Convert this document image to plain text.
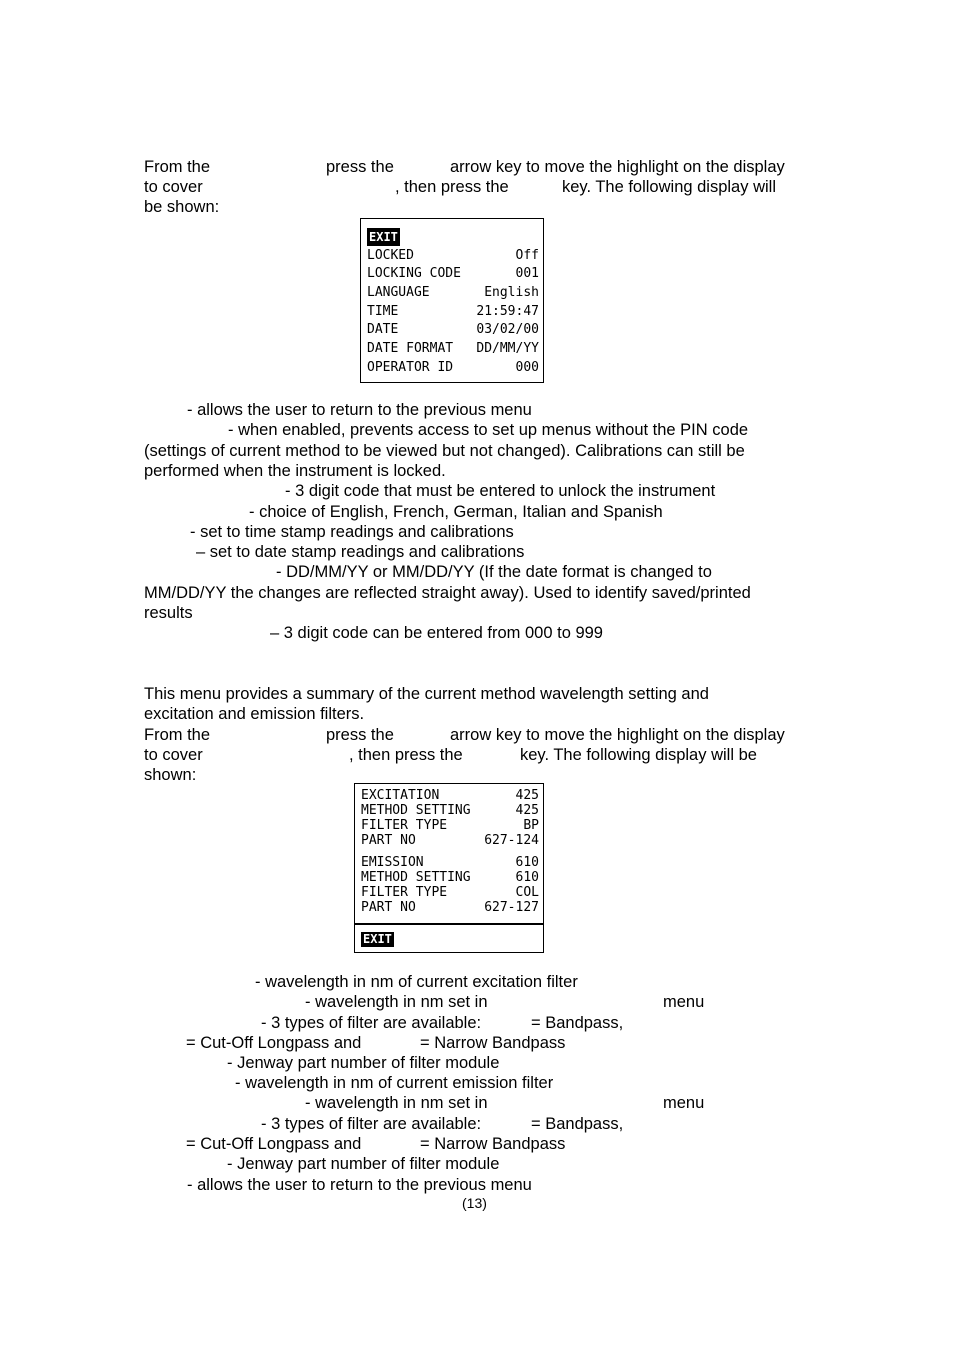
From the	press the	arrow key to move the highlight on the display
to cover	, then press the	key. The following display will
be shown:
EXIT
LOCKED	Off
LOCKING CODE	001
LANGUAGE	English
TIME	21:59:47
DATE	03/02/00
DATE FORMAT DD/MM/YY
OPERATOR ID	000
- allows the user to return to the previous menu
- when enabled, prevents access to set up menus without the PIN code
(settings of current method to be viewed but not changed). Calibrations can still be
performed when the instrument is locked.
- 3 digit code that must be entered to unlock the instrument
- choice of English, French, German, Italian and Spanish
- set to time stamp readings and calibrations
– set to date stamp readings and calibrations
- DD/MM/YY or MM/DD/YY (If the date format is changed to
MM/DD/YY the changes are reflected straight away). Used to identify saved/printed
results
– 3 digit code can be entered from 000 to 999
This menu provides a summary of the current method wavelength setting and
excitation and emission filters.
From the	press the	arrow key to move the highlight on the display
to cover	, then press the	key. The following display will be
shown:
EXCITATION	425
METHOD SETTING	425
FILTER TYPE	BP
PART NO	627-124
EMISSION	610
METHOD SETTING	610
FILTER TYPE	COL
PART NO	627-127
EXIT
- wavelength in nm of current excitation filter
- wavelength in nm set in	menu
- 3 types of filter are available:	= Bandpass,
= Cut-Off Longpass and	= Narrow Bandpass
- Jenway part number of filter module
- wavelength in nm of current emission filter
- wavelength in nm set in	menu
- 3 types of filter are available:	= Bandpass,
= Cut-Off Longpass and	= Narrow Bandpass
- Jenway part number of filter module
- allows the user to return to the previous menu
(13)
